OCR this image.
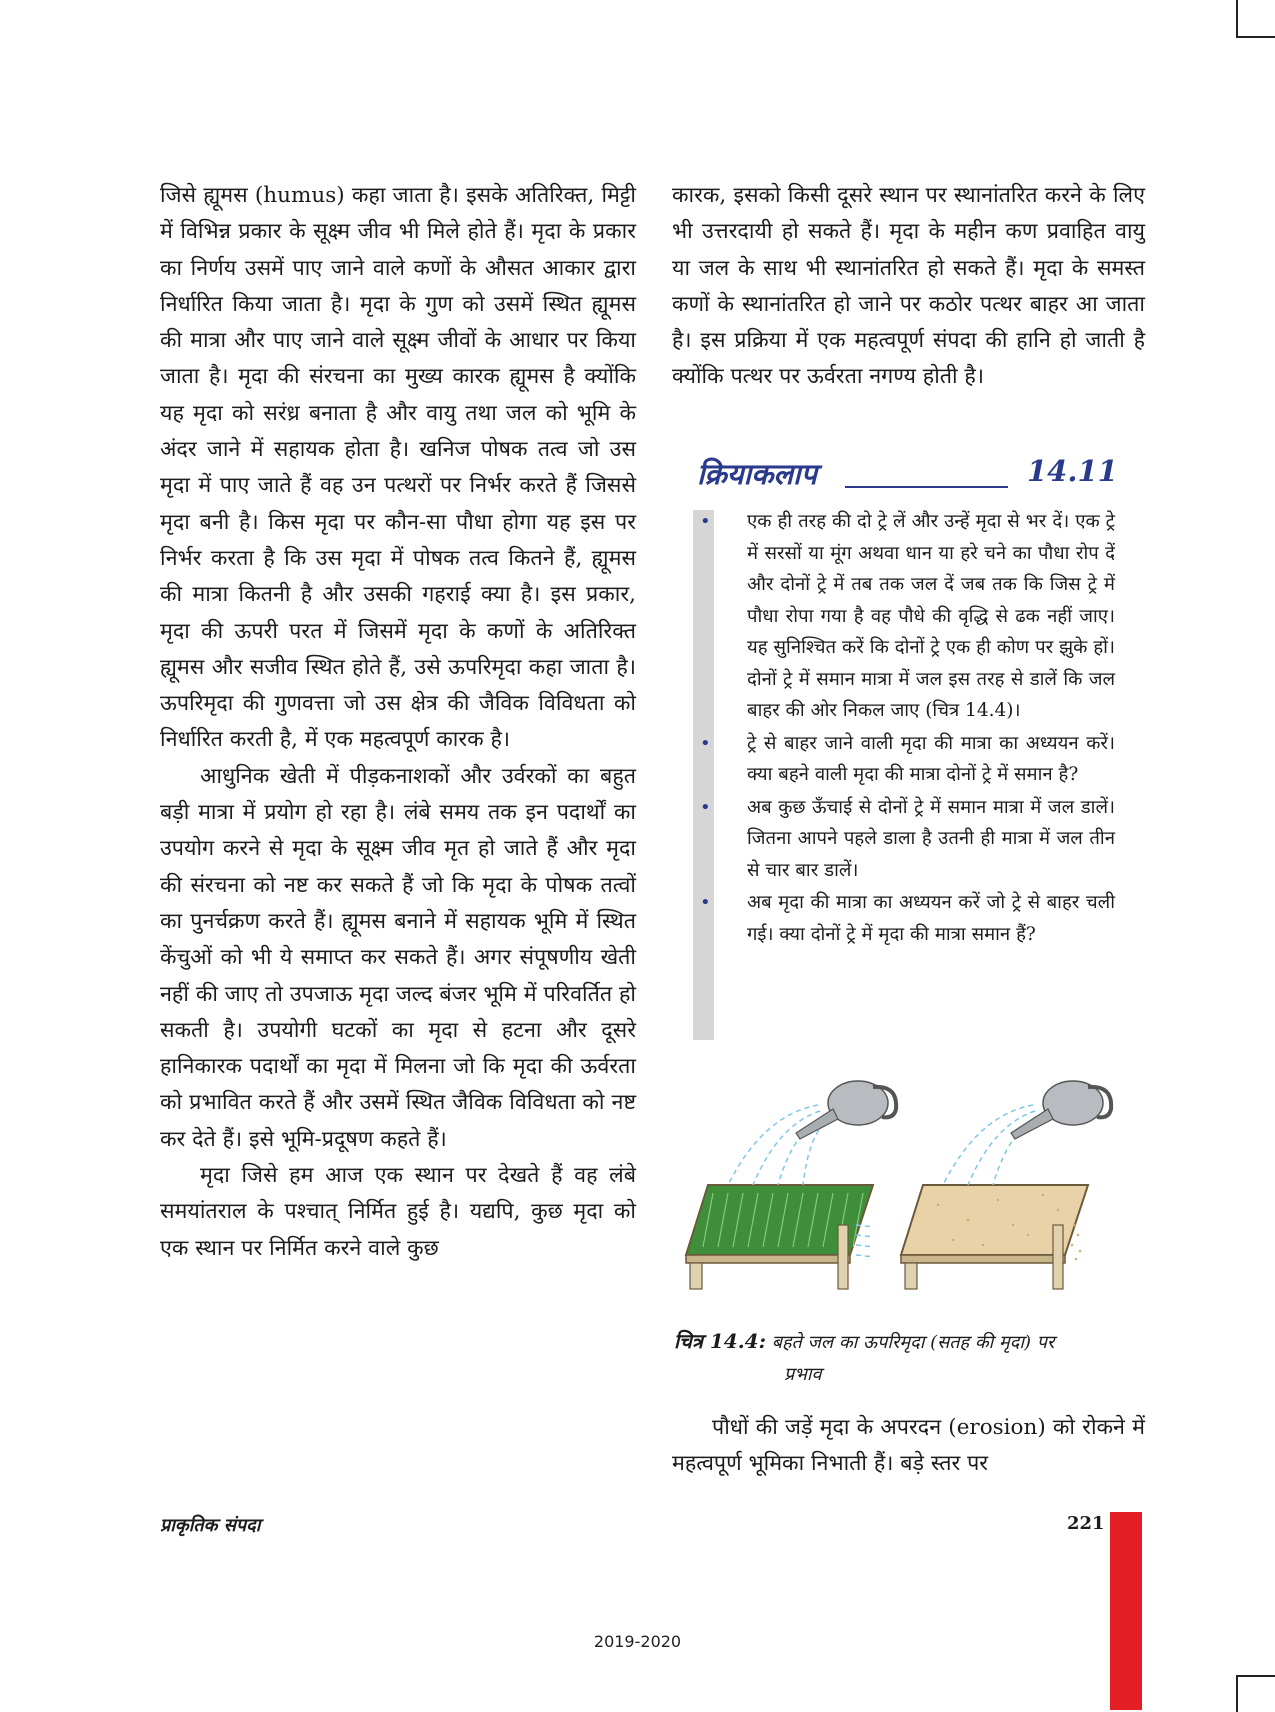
जिसे ह्यूमस (humus) कहा जाता है। इसके अतिरिक्त, मिट्टी में विभिन्न प्रकार के सूक्ष्म जीव भी मिले होते हैं। मृदा के प्रकार का निर्णय उसमें पाए जाने वाले कणों के औसत आकार द्वारा निर्धारित किया जाता है। मृदा के गुण को उसमें स्थित ह्यूमस की मात्रा और पाए जाने वाले सूक्ष्म जीवों के आधार पर किया जाता है। मृदा की संरचना का मुख्य कारक ह्यूमस है क्योंकि यह मृदा को सरंध्र बनाता है और वायु तथा जल को भूमि के अंदर जाने में सहायक होता है। खनिज पोषक तत्व जो उस मृदा में पाए जाते हैं वह उन पत्थरों पर निर्भर करते हैं जिससे मृदा बनी है। किस मृदा पर कौन-सा पौधा होगा यह इस पर निर्भर करता है कि उस मृदा में पोषक तत्व कितने हैं, ह्यूमस की मात्रा कितनी है और उसकी गहराई क्या है। इस प्रकार, मृदा की ऊपरी परत में जिसमें मृदा के कणों के अतिरिक्त ह्यूमस और सजीव स्थित होते हैं, उसे ऊपरिमृदा कहा जाता है। ऊपरिमृदा की गुणवत्ता जो उस क्षेत्र की जैविक विविधता को निर्धारित करती है, में एक महत्वपूर्ण कारक है।

आधुनिक खेती में पीड़कनाशकों और उर्वरकों का बहुत बड़ी मात्रा में प्रयोग हो रहा है। लंबे समय तक इन पदार्थों का उपयोग करने से मृदा के सूक्ष्म जीव मृत हो जाते हैं और मृदा की संरचना को नष्ट कर सकते हैं जो कि मृदा के पोषक तत्वों का पुनर्चक्रण करते हैं। ह्यूमस बनाने में सहायक भूमि में स्थित केंचुओं को भी ये समाप्त कर सकते हैं। अगर संपूषणीय खेती नहीं की जाए तो उपजाऊ मृदा जल्द बंजर भूमि में परिवर्तित हो सकती है। उपयोगी घटकों का मृदा से हटना और दूसरे हानिकारक पदार्थों का मृदा में मिलना जो कि मृदा की ऊर्वरता को प्रभावित करते हैं और उसमें स्थित जैविक विविधता को नष्ट कर देते हैं। इसे भूमि-प्रदूषण कहते हैं।

मृदा जिसे हम आज एक स्थान पर देखते हैं वह लंबे समयांतराल के पश्चात् निर्मित हुई है। यद्यपि, कुछ मृदा को एक स्थान पर निर्मित करने वाले कुछ

कारक, इसको किसी दूसरे स्थान पर स्थानांतरित करने के लिए भी उत्तरदायी हो सकते हैं। मृदा के महीन कण प्रवाहित वायु या जल के साथ भी स्थानांतरित हो सकते हैं। मृदा के समस्त कणों के स्थानांतरित हो जाने पर कठोर पत्थर बाहर आ जाता है। इस प्रक्रिया में एक महत्वपूर्ण संपदा की हानि हो जाती है क्योंकि पत्थर पर ऊर्वरता नगण्य होती है।

क्रियाकलाप	14.11
• एक ही तरह की दो ट्रे लें और उन्हें मृदा से भर दें। एक ट्रे में सरसों या मूंग अथवा धान या हरे चने का पौधा रोप दें और दोनों ट्रे में तब तक जल दें जब तक कि जिस ट्रे में पौधा रोपा गया है वह पौधे की वृद्धि से ढक नहीं जाए। यह सुनिश्चित करें कि दोनों ट्रे एक ही कोण पर झुके हों। दोनों ट्रे में समान मात्रा में जल इस तरह से डालें कि जल बाहर की ओर निकल जाए (चित्र 14.4)।
• ट्रे से बाहर जाने वाली मृदा की मात्रा का अध्ययन करें। क्या बहने वाली मृदा की मात्रा दोनों ट्रे में समान है?
• अब कुछ ऊँचाई से दोनों ट्रे में समान मात्रा में जल डालें। जितना आपने पहले डाला है उतनी ही मात्रा में जल तीन से चार बार डालें।
• अब मृदा की मात्रा का अध्ययन करें जो ट्रे से बाहर चली गई। क्या दोनों ट्रे में मृदा की मात्रा समान हैं?
चित्र 14.4: बहते जल का ऊपरिमृदा (सतह की मृदा) पर
प्रभाव

पौधों की जड़ें मृदा के अपरदन (erosion) को रोकने में महत्वपूर्ण भूमिका निभाती हैं। बड़े स्तर पर

प्राकृतिक संपदा	221
2019-2020
